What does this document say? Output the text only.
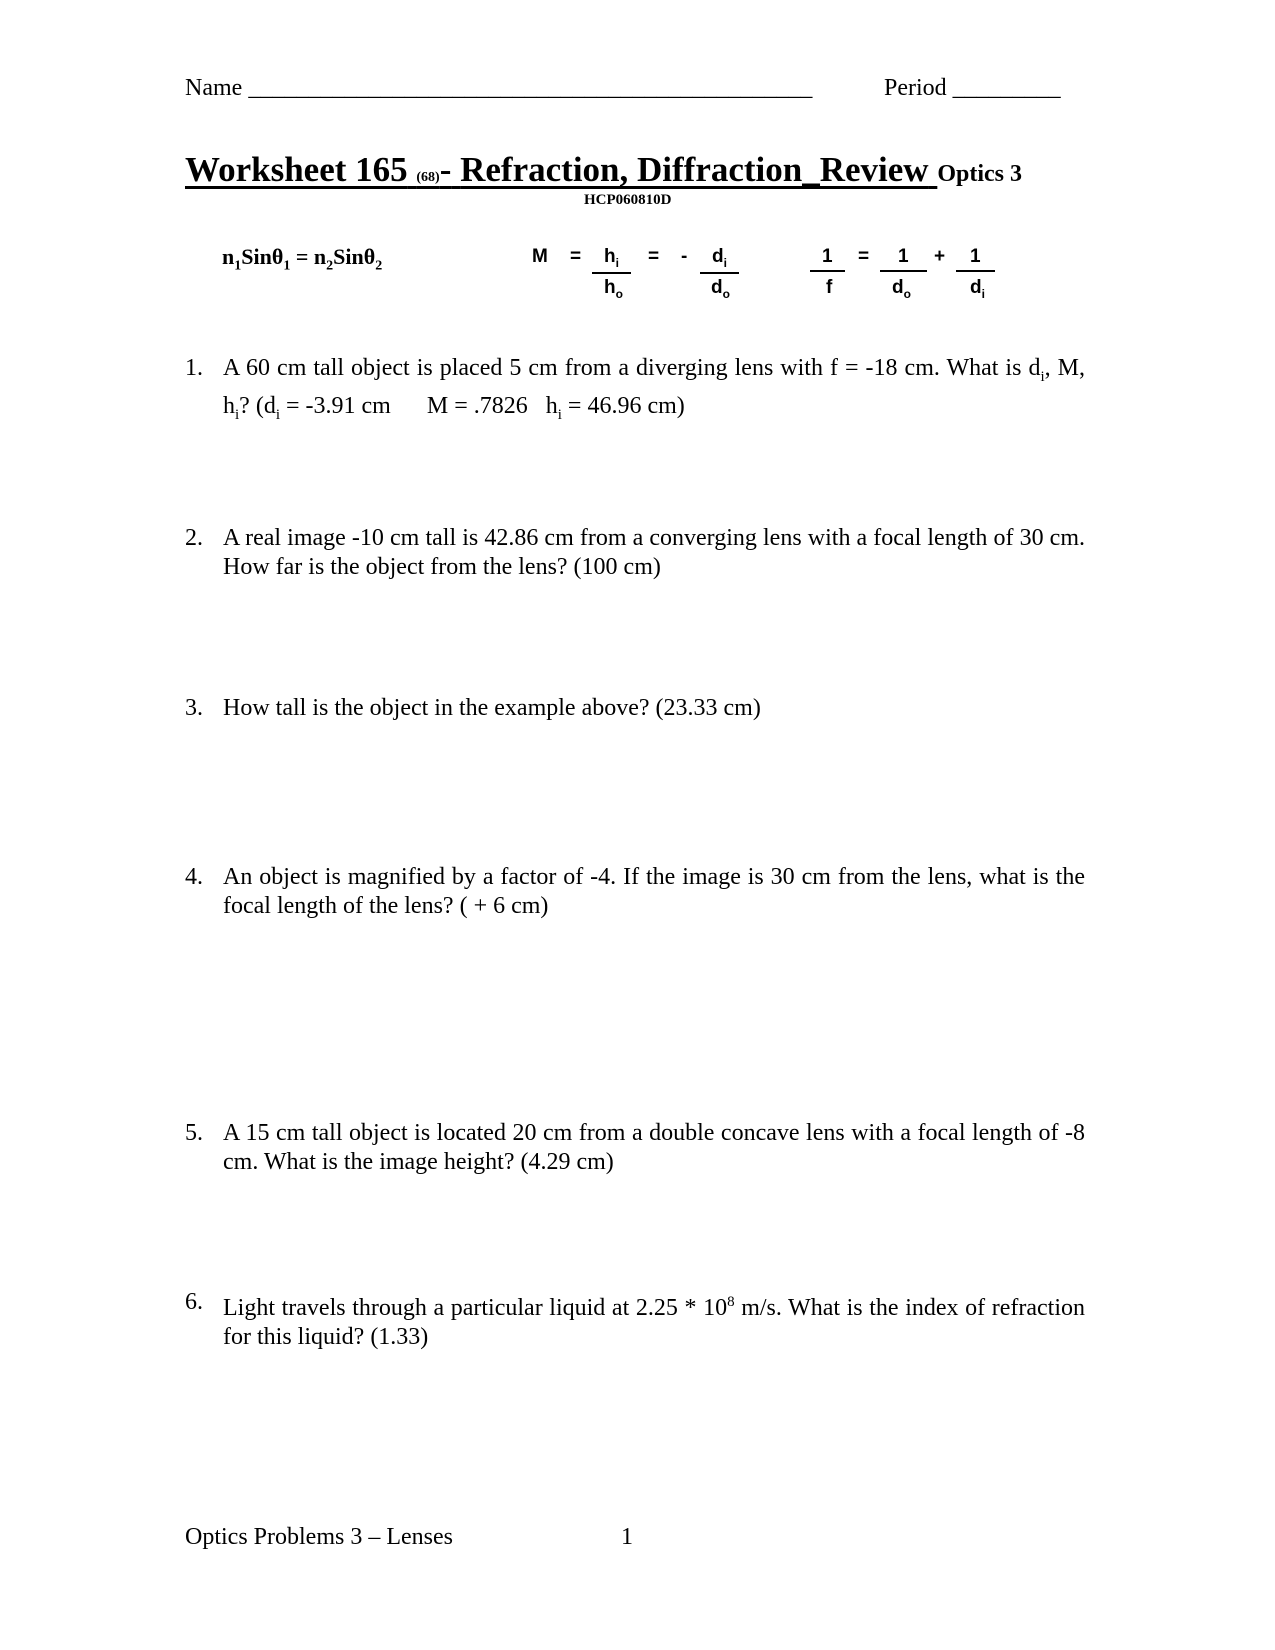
Name _______________________________________________	Period _________
Worksheet 165 (68)- Refraction, Diffraction_Review Optics 3
HCP060810D
$n_1Sin\theta_1 = n_2Sin\theta_2$	M =	$h_i$
$h_o$
= -	$d_i$
$d_o$
1
f
=	1
$d_o$
+	1
$d_i$
1. A 60 cm tall object is placed 5 cm from a diverging lens with f = -18 cm. What is $d_i$, M, $h_i$? ($d_i = -3.91$ cm M = .7826 $h_i = 46.96$ cm)
2. A real image -10 cm tall is 42.86 cm from a converging lens with a focal length of 30 cm. How far is the object from the lens? (100 cm)
3. How tall is the object in the example above? (23.33 cm)
4. An object is magnified by a factor of -4. If the image is 30 cm from the lens, what is the focal length of the lens? ( + 6 cm)
5. A 15 cm tall object is located 20 cm from a double concave lens with a focal length of -8 cm. What is the image height? (4.29 cm)
6. Light travels through a particular liquid at $2.25 * 10^8$ m/s. What is the index of refraction for this liquid? (1.33)
Optics Problems 3 – Lenses	1
